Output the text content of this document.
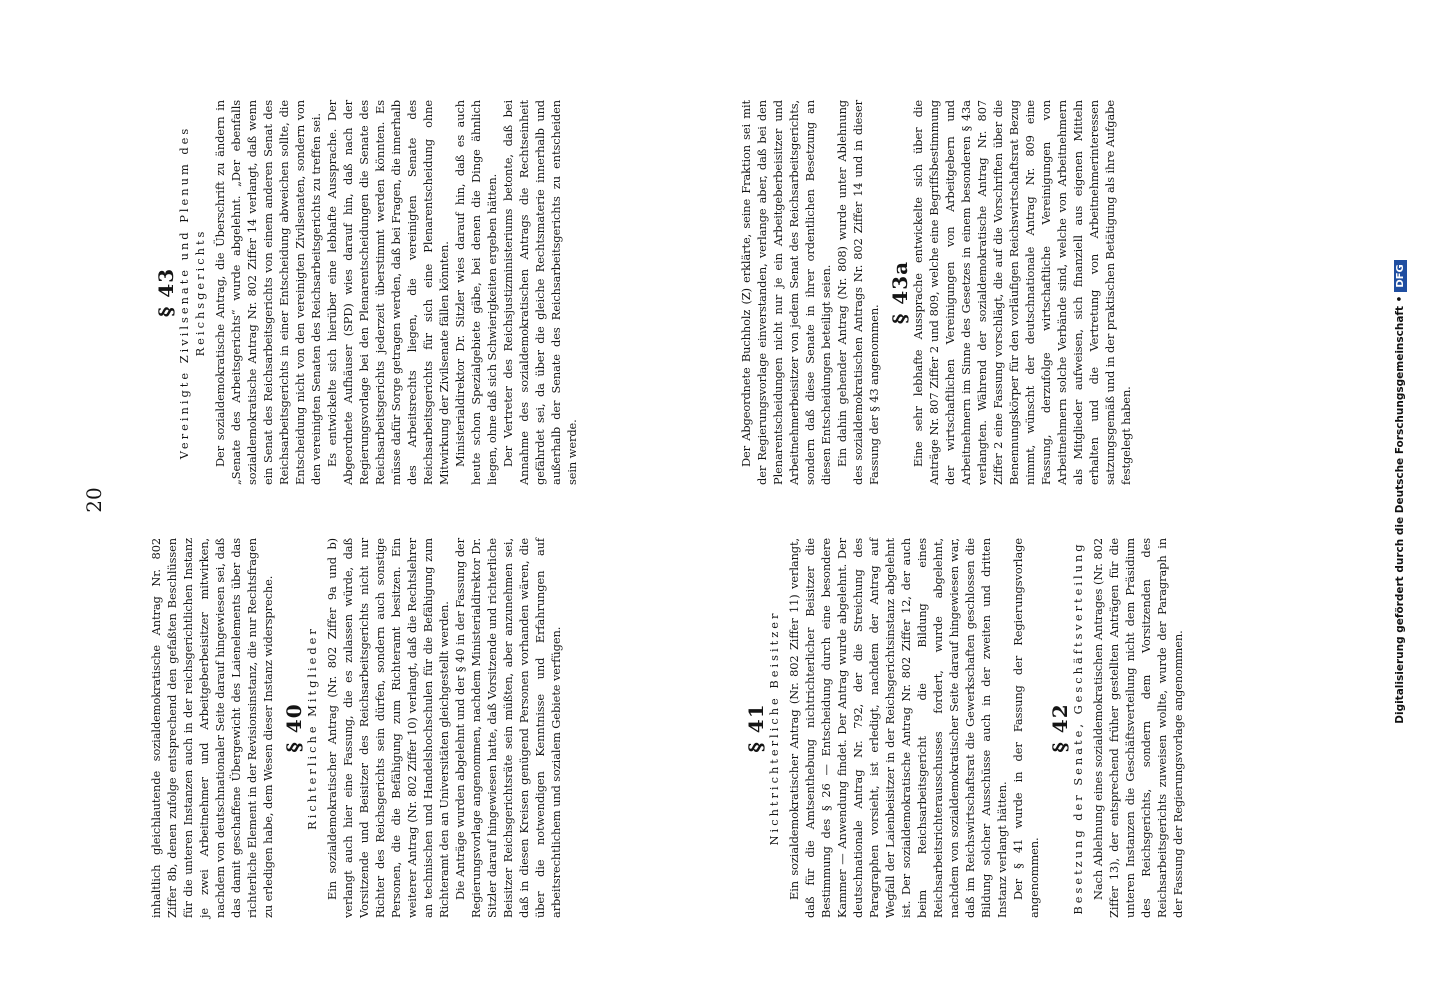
20

inhaltlich gleichlautende sozialdemokratische Antrag Nr. 802 Ziffer 8b, denen zufolge entsprechend den gefaßten Beschlüssen für die unteren Instanzen auch in der reichsgerichtlichen Instanz je zwei Arbeitnehmer und Arbeitgeberbeisitzer mitwirken, nachdem von deutschnationaler Seite darauf hingewiesen sei, daß das damit geschaffene Übergewicht des Laienelements über das richterliche Element in der Revisionsinstanz, die nur Rechtsfragen zu erledigen habe, dem Wesen dieser Instanz widerspreche. § 40 Richterliche Mitglieder Ein sozialdemokratischer Antrag (Nr. 802 Ziffer 9a und b) verlangt auch hier eine Fassung, die es zulassen würde, daß Vorsitzende und Beisitzer des Reichsarbeitsgerichts nicht nur Richter des Reichsgerichts sein dürfen, sondern auch sonstige Personen, die die Befähigung zum Richteramt besitzen. Ein weiterer Antrag (Nr. 802 Ziffer 10) verlangt, daß die Rechtslehrer an technischen und Handelshochschulen für die Befähigung zum Richteramt den an Universitäten gleichgestellt werden. Die Anträge wurden abgelehnt und der § 40 in der Fassung der Regierungsvorlage angenommen, nachdem Ministerialdirektor Dr. Sitzler darauf hingewiesen hatte, daß Vorsitzende und richterliche Beisitzer Reichsgerichtsräte sein müßten, aber anzunehmen sei, daß in diesen Kreisen genügend Personen vorhanden wären, die über die notwendigen Kenntnisse und Erfahrungen auf arbeitsrechtlichem und sozialem Gebiete verfügen.	§ 41 Nichtrichterliche Beisitzer Ein sozialdemokratischer Antrag (Nr. 802 Ziffer 11) verlangt, daß für die Amtsenthebung nichtrichterlicher Beisitzer die Bestimmung des § 26 — Entscheidung durch eine besondere Kammer — Anwendung findet. Der Antrag wurde abgelehnt. Der deutschnationale Antrag Nr. 792, der die Streichung des Paragraphen vorsieht, ist erledigt, nachdem der Antrag auf Wegfall der Laienbeisitzer in der Reichsgerichtsinstanz abgelehnt ist. Der sozialdemokratische Antrag Nr. 802 Ziffer 12, der auch beim Reichsarbeitsgericht die Bildung eines Reichsarbeitsrichterausschusses fordert, wurde abgelehnt, nachdem von sozialdemokratischer Seite darauf hingewiesen war, daß im Reichswirtschaftsrat die Gewerkschaften geschlossen die Bildung solcher Ausschüsse auch in der zweiten und dritten Instanz verlangt hätten. Der § 41 wurde in der Fassung der Regierungsvorlage angenommen.

§ 42 Besetzung der Senate, Geschäftsverteilung Nach Ablehnung eines sozialdemokratischen Antrages (Nr. 802 Ziffer 13), der entsprechend früher gestellten Anträgen für die unteren Instanzen die Geschäftsverteilung nicht dem Präsidium des Reichsgerichts, sondern dem Vorsitzenden des Reichsarbeitsgerichts zuweisen wollte, wurde der Paragraph in der Fassung der Regierungsvorlage angenommen.

§ 43 Vereinigte Zivilsenate und Plenum des Reichsgerichts Der sozialdemokratische Antrag, die Überschrift zu ändern in „Senate des Arbeitsgerichts“ wurde abgelehnt. „Der ebenfalls sozialdemokratische Antrag Nr. 802 Ziffer 14 verlangt, daß wenn ein Senat des Reichsarbeitsgerichts von einem anderen Senat des Reichsarbeitsgerichts in einer Entscheidung abweichen sollte, die Entscheidung nicht von den vereinigten Zivilsenaten, sondern von den vereinigten Senaten des Reichsarbeitsgerichts zu treffen sei. Es entwickelte sich hierüber eine lebhafte Aussprache. Der Abgeordnete Aufhäuser (SPD) wies darauf hin, daß nach der Regierungsvorlage bei den Plenarentscheidungen die Senate des Reichsarbeitsgerichts jederzeit überstimmt werden könnten. Es müsse dafür Sorge getragen werden, daß bei Fragen, die innerhalb des Arbeitsrechts liegen, die vereinigten Senate des Reichsarbeitsgerichts für sich eine Plenarentscheidung ohne Mitwirkung der Zivilsenate fällen könnten. Ministerialdirektor Dr. Sitzler wies darauf hin, daß es auch heute schon Spezialgebiete gäbe, bei denen die Dinge ähnlich liegen, ohne daß sich Schwierigkeiten ergeben hätten. Der Vertreter des Reichsjustizministeriums betonte, daß bei Annahme des sozialdemokratischen Antrags die Rechtseinheit gefährdet sei, da über die gleiche Rechtsmaterie innerhalb und außerhalb der Senate des Reichsarbeitsgerichts zu entscheiden sein werde.	Der Abgeordnete Buchholz (Z) erklärte, seine Fraktion sei mit der Regierungsvorlage einverstanden, verlange aber, daß bei den Plenarentscheidungen nicht nur je ein Arbeitgeberbeisitzer und Arbeitnehmerbeisitzer von jedem Senat des Reichsarbeitsgerichts, sondern daß diese Senate in ihrer ordentlichen Besetzung an diesen Entscheidungen beteiligt seien. Ein dahin gehender Antrag (Nr. 808) wurde unter Ablehnung des sozialdemokratischen Antrags Nr. 802 Ziffer 14 und in dieser Fassung der § 43 angenommen.

§ 43a Eine sehr lebhafte Aussprache entwickelte sich über die Anträge Nr. 807 Ziffer 2 und 809, welche eine Begriffsbestimmung der wirtschaftlichen Vereinigungen von Arbeitgebern und Arbeitnehmern im Sinne des Gesetzes in einem besonderen § 43a verlangten. Während der sozialdemokratische Antrag Nr. 807 Ziffer 2 eine Fassung vorschlägt, die auf die Vorschriften über die Benennungskörper für den vorläufigen Reichswirtschaftsrat Bezug nimmt, wünscht der deutschnationale Antrag Nr. 809 eine Fassung, derzufolge wirtschaftliche Vereinigungen von Arbeitnehmern solche Verbände sind, welche von Arbeitnehmern als Mitglieder aufweisen, sich finanziell aus eigenen Mitteln erhalten und die Vertretung von Arbeitnehmerinteressen satzungsgemäß und in der praktischen Betätigung als ihre Aufgabe festgelegt haben.	Digitalisierung gefördert durch die Deutsche Forschungsgemeinschaft •DFG
